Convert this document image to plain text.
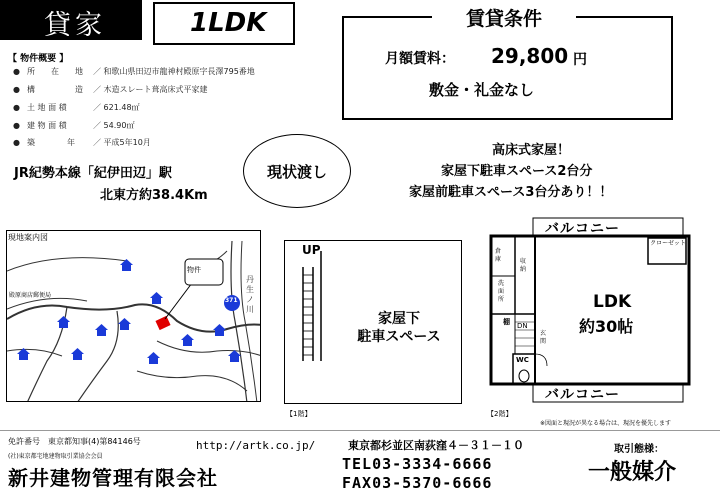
貸家	1LDK	賃貸条件
月額賃料： 29,800 円
敷金・礼金なし
【 物件概要 】
● 所　　在　　地 ／ 和歌山県田辺市龍神村殿原字長澤795番地
● 構　　　　　造 ／ 木造スレート葺高床式平家建
● 土 地 面 積	／ 621.48㎡
● 建 物 面 積	／ 54.90㎡
● 築　　　　年 ／ 平成5年10月
JR紀勢本線「紀伊田辺」駅
北東方約38.4Km
現状渡し
高床式家屋！
家屋下駐車スペース2台分
家屋前駐車スペース3台分あり！！
物件
殿原商店郵便局
371
丹生ノ川
現地案内図
UP
家屋下
駐車スペース
【1階】
バルコニー
バルコニー
クローゼット
LDK
約30帖
倉庫
洗面所
収納
棚 DN
玄関
WC
【2階】
※図面と現況が異なる場合は、現況を優先します
免許番号　東京都知事(4)第84146号
(社)東京都宅地建物取引業協会会員
新井建物管理有限会社
http://artk.co.jp/	東京都杉並区南荻窪４－３１－１０
TEL03-3334-6666
FAX03-5370-6666
取引態様：
一般媒介
